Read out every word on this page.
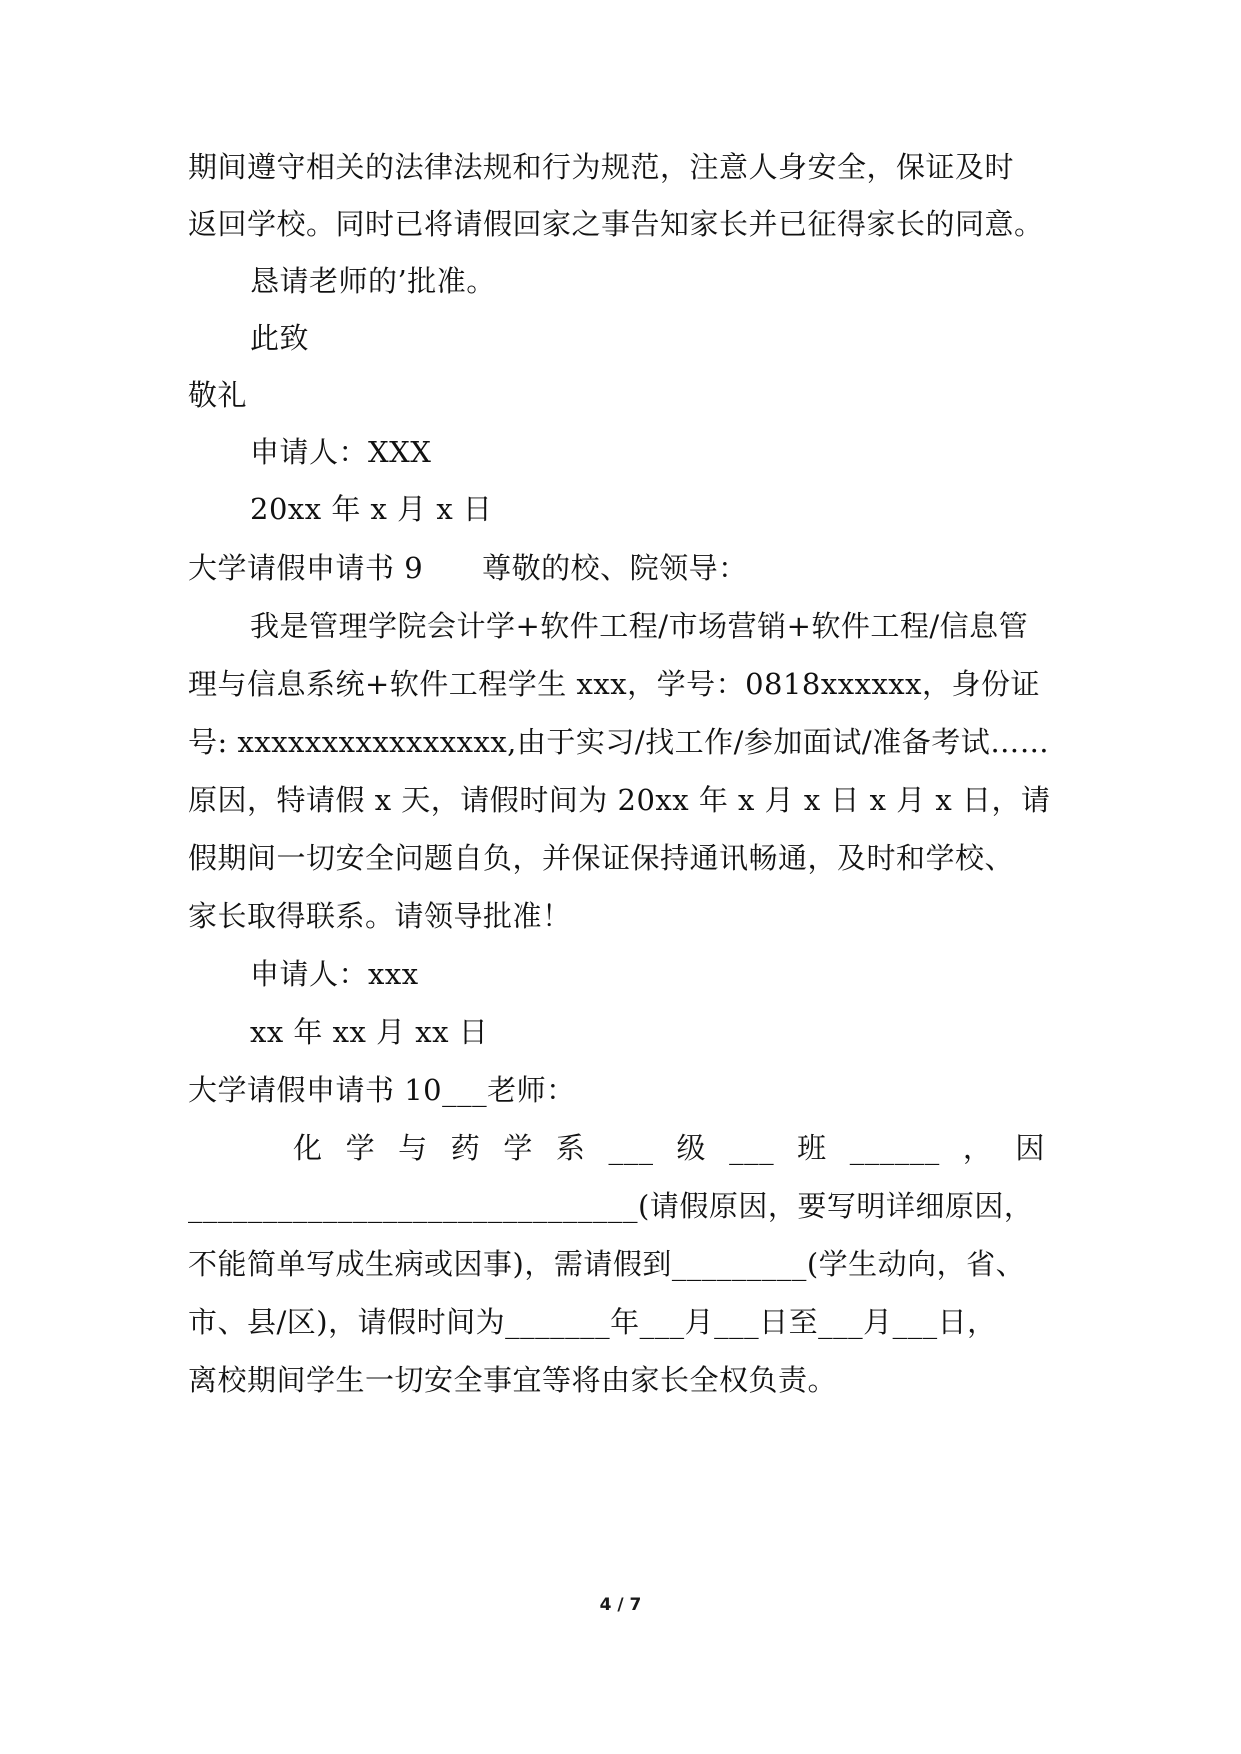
期间遵守相关的法律法规和行为规范，注意人身安全，保证及时
返回学校。同时已将请假回家之事告知家长并已征得家长的同意。
恳请老师的’批准。
此致
敬礼
申请人：XXX
20xx 年 x 月 x 日
大学请假申请书 9　　尊敬的校、院领导：
我是管理学院会计学+软件工程/市场营销+软件工程/信息管
理与信息系统+软件工程学生 xxx，学号：0818xxxxxx，身份证
号: xxxxxxxxxxxxxxxx,由于实习/找工作/参加面试/准备考试……
原因，特请假 x 天，请假时间为 20xx 年 x 月 x 日 x 月 x 日，请
假期间一切安全问题自负，并保证保持通讯畅通，及时和学校、
家长取得联系。请领导批准！
申请人：xxx
xx 年 xx 月 xx 日
大学请假申请书 10___老师：
化 学 与 药 学 系 ___ 级 ___ 班 ______ ， 因
______________________________(请假原因，要写明详细原因，
不能简单写成生病或因事)，需请假到_________(学生动向，省、
市、县/区)，请假时间为_______年___月___日至___月___日，
离校期间学生一切安全事宜等将由家长全权负责。
4 / 7
